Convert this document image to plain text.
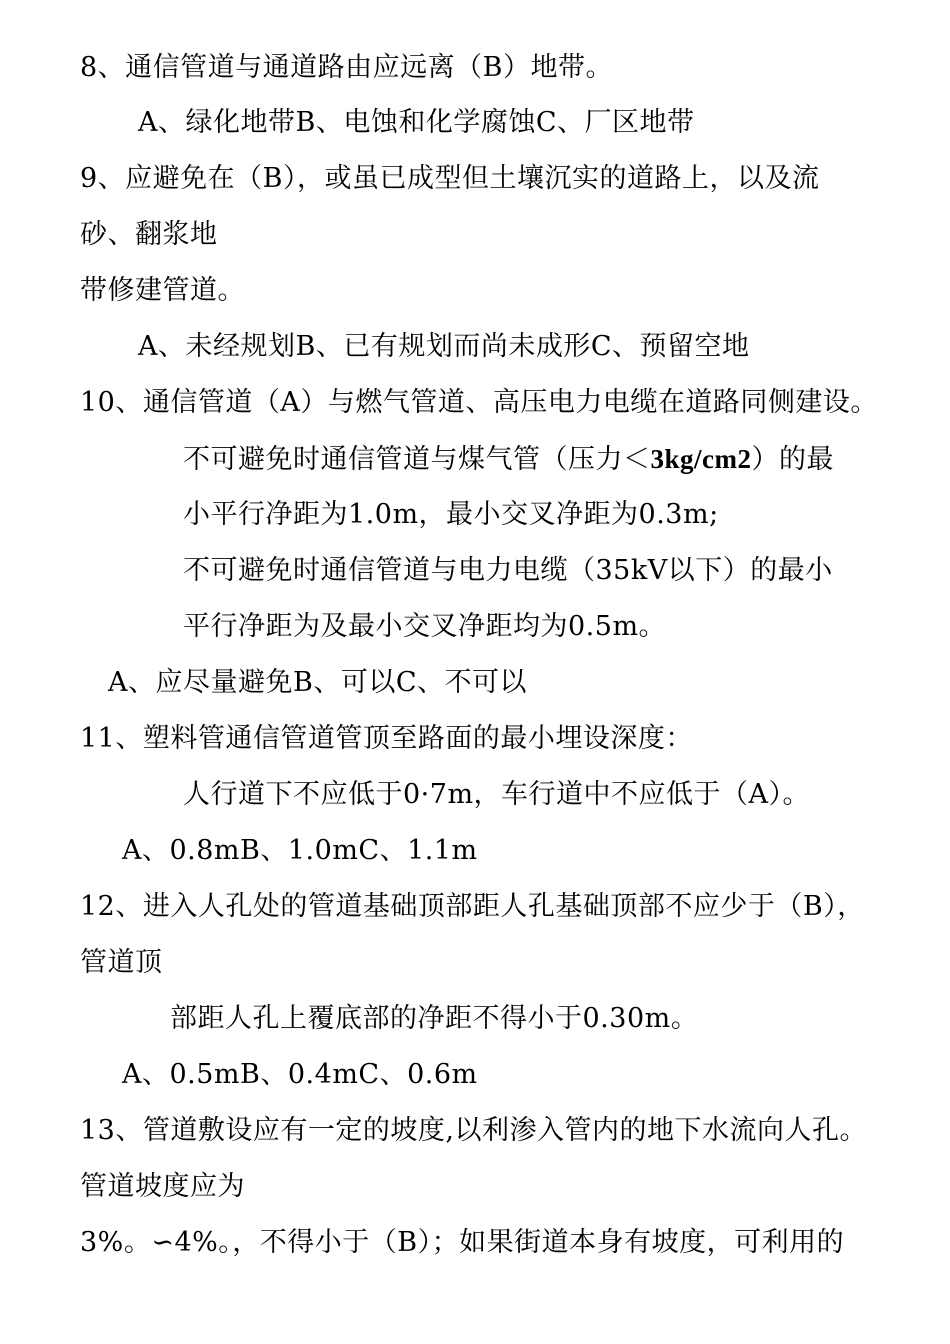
8、通信管道与通道路由应远离（B）地带。
A、绿化地带B、电蚀和化学腐蚀C、厂区地带
9、应避免在（B），或虽已成型但土壤沉实的道路上，以及流
砂、翻浆地
带修建管道。
A、未经规划B、已有规划而尚未成形C、预留空地
10、通信管道（A）与燃气管道、高压电力电缆在道路同侧建设。
不可避免时通信管道与煤气管（压力＜3kg/cm2）的最
小平行净距为1.0m，最小交叉净距为0.3m;
不可避免时通信管道与电力电缆（35kV以下）的最小
平行净距为及最小交叉净距均为0.5m。
A、应尽量避免B、可以C、不可以
11、塑料管通信管道管顶至路面的最小埋设深度：
人行道下不应低于0·7m，车行道中不应低于（A）。
A、0.8mB、1.0mC、1.1m
12、进入人孔处的管道基础顶部距人孔基础顶部不应少于（B），
管道顶
部距人孔上覆底部的净距不得小于0.30m。
A、0.5mB、0.4mC、0.6m
13、管道敷设应有一定的坡度,以利渗入管内的地下水流向人孔。
管道坡度应为
3%。∽4%。，不得小于（B）；如果街道本身有坡度，可利用的
